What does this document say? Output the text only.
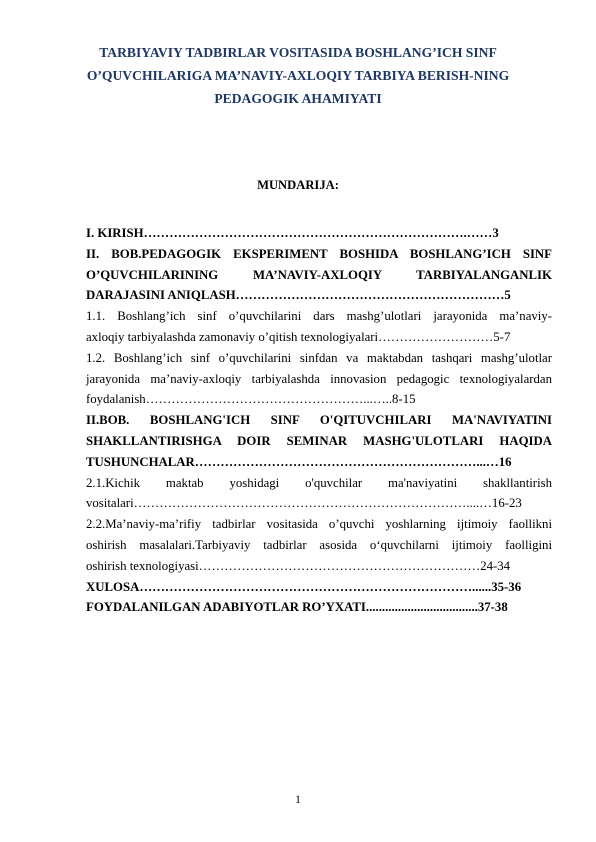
TARBIYAVIY TADBIRLAR VOSITASIDA BOSHLANG’ICH SINF
O’QUVCHILARIGA MA’NAVIY-AXLOQIY TARBIYA BERISH-NING
PEDAGOGIK AHAMIYATI
MUNDARIJA:
I. KIRISH………………………………………………………………….……3
II. BOB.PEDAGOGIK EKSPERIMENT BOSHIDA BOSHLANG’ICH SINF
O’QUVCHILARINING MA’NAVIY-AXLOQIY TARBIYALANGANLIK
DARAJASINI ANIQLASH………………………………………………………5
1.1. Boshlang’ich sinf o’quvchilarini dars mashg’ulotlari jarayonida ma’naviy-
axloqiy tarbiyalashda zamonaviy o’qitish texnologiyalari………………………5-7
1.2. Boshlang’ich sinf o’quvchilarini sinfdan va maktabdan tashqari mashg’ulotlar
jarayonida ma’naviy-axloqiy tarbiyalashda innovasion pedagogic texnologiyalardan
foydalanish……………………………………………...…..8-15
II.BOB. BOSHLANG'ICH SINF O'QITUVCHILARI MA'NAVIYATINI
SHAKLLANTIRISHGA DOIR SEMINAR MASHG'ULOTLARI HAQIDA
TUSHUNCHALAR…………………………………………………………...…16
2.1.Kichik maktab yoshidagi o'quvchilar ma'naviyatini shakllantirish
vositalari……………………………………………………………………....…16-23
2.2.Ma’naviy-ma’rifiy tadbirlar vositasida o’quvchi yoshlarning ijtimoiy faollikni
oshirish masalalari.Tarbiyaviy tadbirlar asosida o‘quvchilarni ijtimoiy faolligini
oshirish texnologiyasi…………………………………………………………24-34
XULOSA……………………………………………………………………......35-36
FOYDALANILGAN ADABIYOTLAR RO’YXATI...................................37-38
1
